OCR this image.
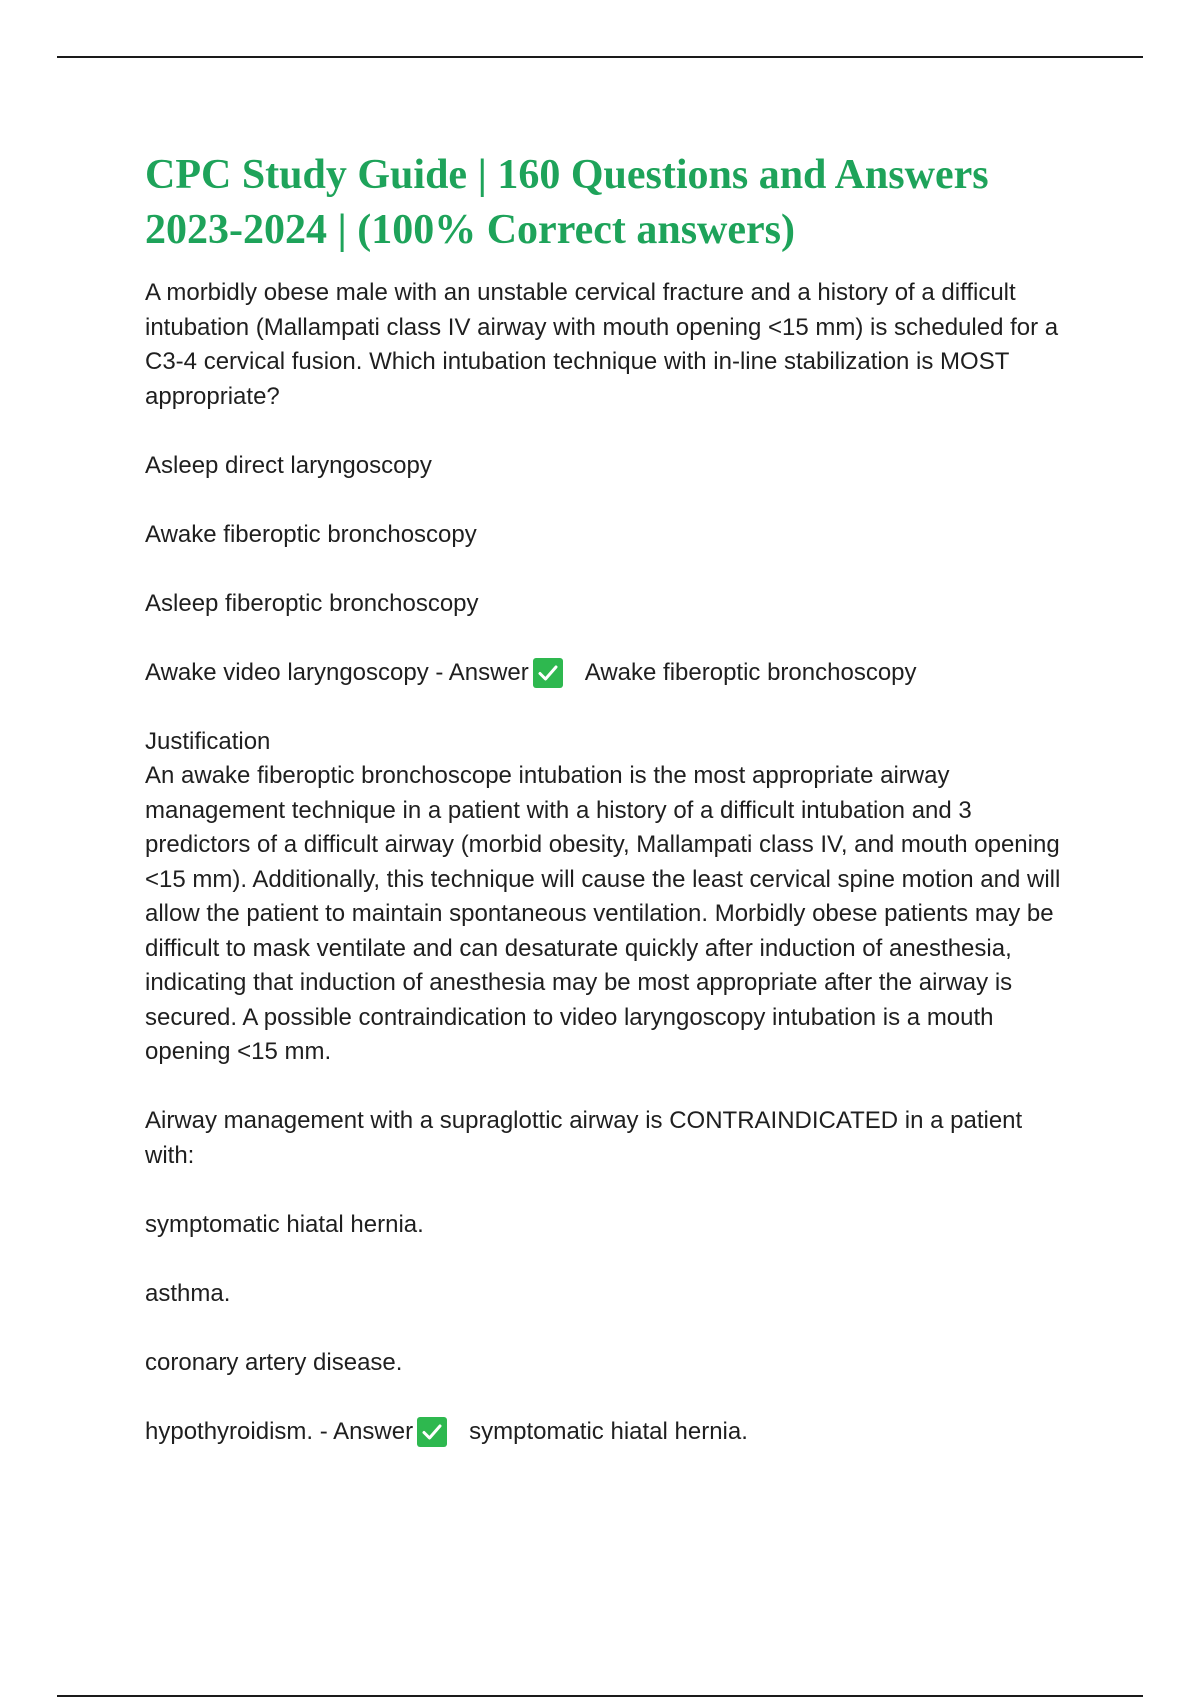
CPC Study Guide | 160 Questions and Answers 2023-2024 | (100% Correct answers)

A morbidly obese male with an unstable cervical fracture and a history of a difficult intubation (Mallampati class IV airway with mouth opening <15 mm) is scheduled for a C3-4 cervical fusion. Which intubation technique with in-line stabilization is MOST appropriate?

Asleep direct laryngoscopy

Awake fiberoptic bronchoscopy

Asleep fiberoptic bronchoscopy

Awake video laryngoscopy - Answer Awake fiberoptic bronchoscopy

Justification

An awake fiberoptic bronchoscope intubation is the most appropriate airway management technique in a patient with a history of a difficult intubation and 3 predictors of a difficult airway (morbid obesity, Mallampati class IV, and mouth opening <15 mm). Additionally, this technique will cause the least cervical spine motion and will allow the patient to maintain spontaneous ventilation. Morbidly obese patients may be difficult to mask ventilate and can desaturate quickly after induction of anesthesia, indicating that induction of anesthesia may be most appropriate after the airway is secured. A possible contraindication to video laryngoscopy intubation is a mouth opening <15 mm.

Airway management with a supraglottic airway is CONTRAINDICATED in a patient with:

symptomatic hiatal hernia.

asthma.

coronary artery disease.

hypothyroidism. - Answer symptomatic hiatal hernia.
